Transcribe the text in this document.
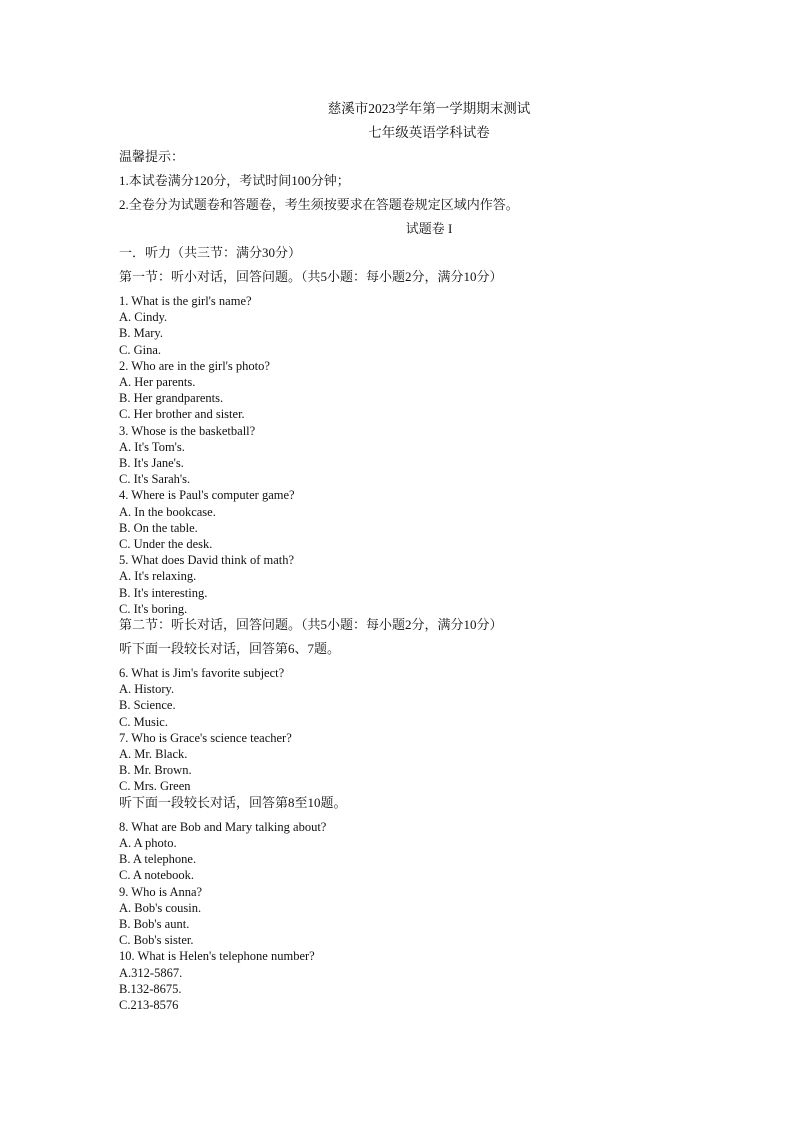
慈溪市2023学年第一学期期末测试

七年级英语学科试卷

温馨提示：

1.本试卷满分120分，考试时间100分钟；

2.全卷分为试题卷和答题卷，考生须按要求在答题卷规定区域内作答。

试题卷 I

一．听力（共三节：满分30分）

第一节：听小对话，回答问题。（共5小题：每小题2分，满分10分）

1. What is the girl's name?

A. Cindy.

B. Mary.

C. Gina.

2. Who are in the girl's photo?

A. Her parents.

B. Her grandparents.

C. Her brother and sister.

3. Whose is the basketball?

A. It's Tom's.

B. It's Jane's.

C. It's Sarah's.

4. Where is Paul's computer game?

A. In the bookcase.

B. On the table.

C. Under the desk.

5. What does David think of math?

A. It's relaxing.

B. It's interesting.

C. It's boring.

第二节：听长对话，回答问题。（共5小题：每小题2分，满分10分）

听下面一段较长对话，回答第6、7题。

6. What is Jim's favorite subject?

A. History.

B. Science.

C. Music.

7. Who is Grace's science teacher?

A. Mr. Black.

B. Mr. Brown.

C. Mrs. Green

听下面一段较长对话，回答第8至10题。

8. What are Bob and Mary talking about?

A. A photo.

B. A telephone.

C. A notebook.

9. Who is Anna?

A. Bob's cousin.

B. Bob's aunt.

C. Bob's sister.

10. What is Helen's telephone number?

A.312-5867.

B.132-8675.

C.213-8576
